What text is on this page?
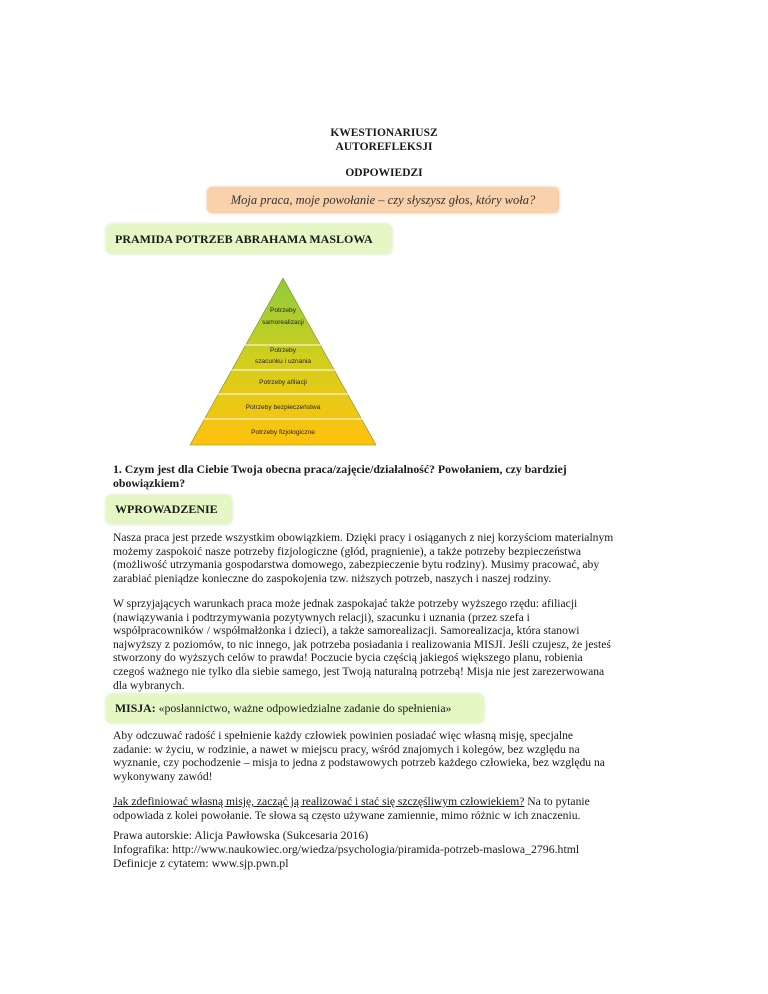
KWESTIONARIUSZ
AUTOREFLEKSJI
ODPOWIEDZI
Moja praca, moje powołanie – czy słyszysz głos, który woła?
PRAMIDA POTRZEB ABRAHAMA MASLOWA
Potrzeby
samorealizacji
Potrzeby
szacunku i uznania
Potrzeby afiliacji
Potrzeby bezpieczeństwa
Potrzeby fizjologiczne
1. Czym jest dla Ciebie Twoja obecna praca/zajęcie/działalność? Powołaniem, czy bardziej
obowiązkiem?
WPROWADZENIE
Nasza praca jest przede wszystkim obowiązkiem. Dzięki pracy i osiąganych z niej korzyściom materialnym
możemy zaspokoić nasze potrzeby fizjologiczne (głód, pragnienie), a także potrzeby bezpieczeństwa
(możliwość utrzymania gospodarstwa domowego, zabezpieczenie bytu rodziny). Musimy pracować, aby
zarabiać pieniądze konieczne do zaspokojenia tzw. niższych potrzeb, naszych i naszej rodziny.
W sprzyjających warunkach praca może jednak zaspokajać także potrzeby wyższego rzędu: afiliacji
(nawiązywania i podtrzymywania pozytywnych relacji), szacunku i uznania (przez szefa i
współpracowników / współmałżonka i dzieci), a także samorealizacji. Samorealizacja, która stanowi
najwyższy z poziomów, to nic innego, jak potrzeba posiadania i realizowania MISJI. Jeśli czujesz, że jesteś
stworzony do wyższych celów to prawda! Poczucie bycia częścią jakiegoś większego planu, robienia
czegoś ważnego nie tylko dla siebie samego, jest Twoją naturalną potrzebą! Misja nie jest zarezerwowana
dla wybranych.
MISJA:
«posłannictwo, ważne odpowiedzialne zadanie do spełnienia»
Aby odczuwać radość i spełnienie każdy człowiek powinien posiadać więc własną misję, specjalne
zadanie: w życiu, w rodzinie, a nawet w miejscu pracy, wśród znajomych i kolegów, bez względu na
wyznanie, czy pochodzenie – misja to jedna z podstawowych potrzeb każdego człowieka, bez względu na
wykonywany zawód!
Jak zdefiniować własną misję, zacząć ją realizować i stać się szczęśliwym człowiekiem? Na to pytanie
odpowiada z kolei powołanie. Te słowa są często używane zamiennie, mimo różnic w ich znaczeniu.
Prawa autorskie: Alicja Pawłowska (Sukcesaria 2016)
Infografika: http://www.naukowiec.org/wiedza/psychologia/piramida-potrzeb-maslowa_2796.html
Definicje z cytatem: www.sjp.pwn.pl
